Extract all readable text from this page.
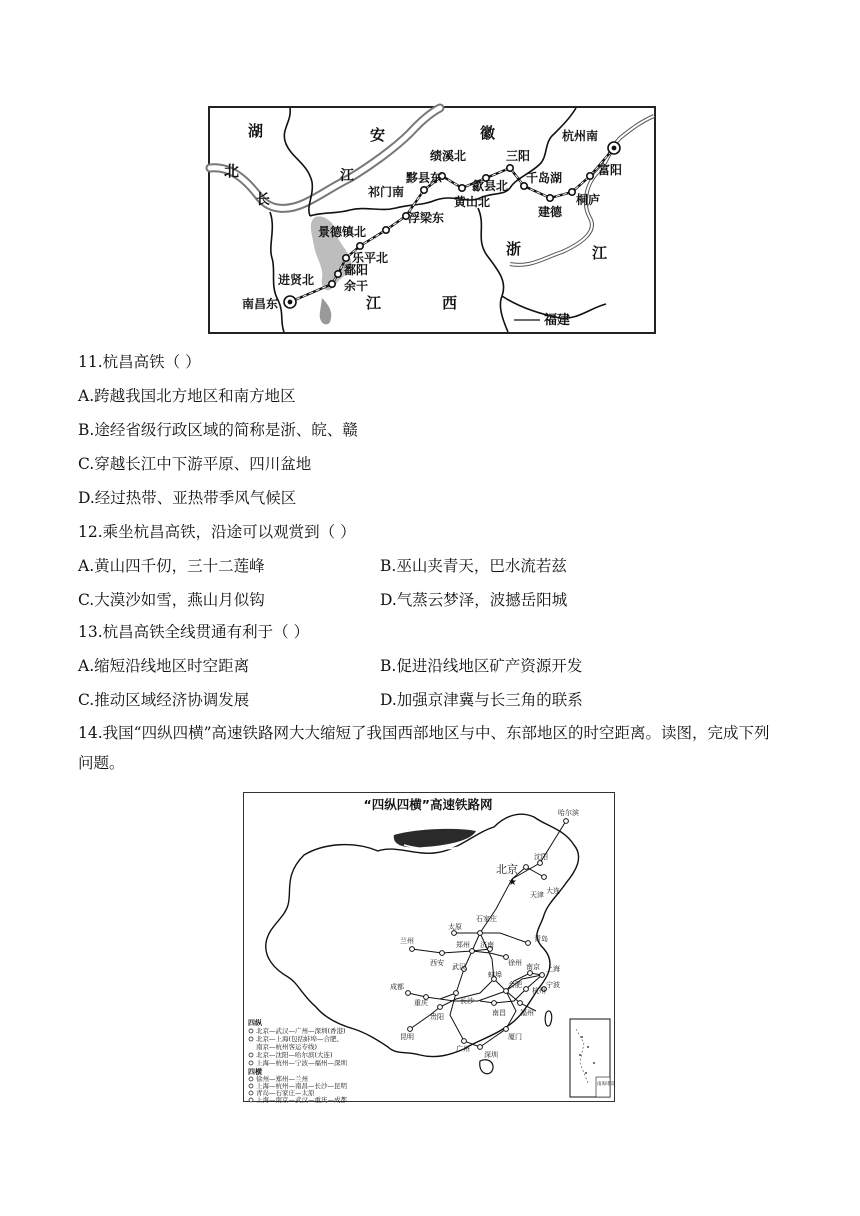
湖
北
安	徽
浙	江
江	西
福建
长
江
杭州南
富阳
桐庐
千岛湖
三阳
绩溪北
歙县北
黄山北
建德
黟县东
祁门南
浮梁东
景德镇北
乐平北
鄱阳
余干
进贤北
南昌东
11.杭昌高铁（ ）
A.跨越我国北方地区和南方地区
B.途经省级行政区域的简称是浙、皖、赣
C.穿越长江中下游平原、四川盆地
D.经过热带、亚热带季风气候区
12.乘坐杭昌高铁，沿途可以观赏到（ ）
A.黄山四千仞，三十二莲峰	B.巫山夹青天，巴水流若兹
C.大漠沙如雪，燕山月似钩	D.气蒸云梦泽，波撼岳阳城
13.杭昌高铁全线贯通有利于（ ）
A.缩短沿线地区时空距离	B.促进沿线地区矿产资源开发
C.推动区域经济协调发展	D.加强京津冀与长三角的联系
14.我国“四纵四横”高速铁路网大大缩短了我国西部地区与中、东部地区的时空距离。读图，完成下列问题。
“四纵四横”高速铁路网
★
哈尔滨
北京
沈阳
天津 大连
石家庄
太原
济南
青岛
兰州	郑州
徐州
西安
蚌埠
南京 上海
成都
武汉
合肥
杭州
宁波
重庆	长沙
南昌 福州
贵阳
昆明	厦门
广州
深圳
南海诸岛
四纵
北京—武汉—广州—深圳(香港)
北京—上海(包括蚌埠—合肥、
南京—杭州客运专线)
北京—沈阳—哈尔滨(大连)
上海—杭州—宁波—福州—深圳
四横
徐州—郑州—兰州
上海—杭州—南昌—长沙—昆明
青岛—石家庄—太原
上海—南京—武汉—重庆—成都
